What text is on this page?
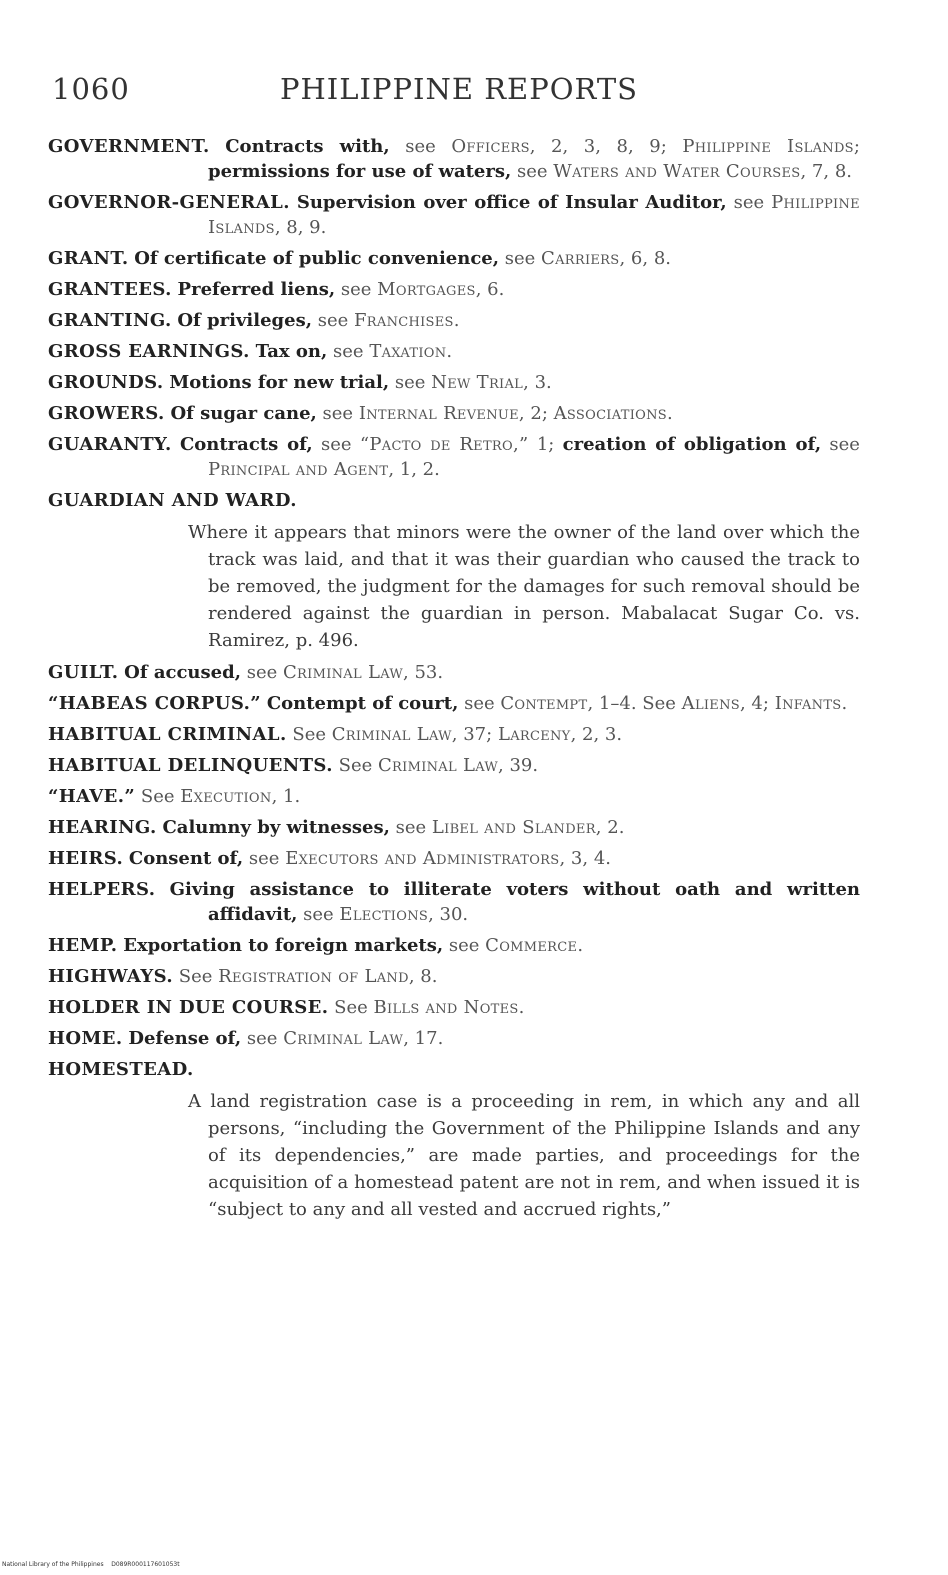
1060	PHILIPPINE REPORTS
GOVERNMENT. Contracts with, see Officers, 2, 3, 8, 9; Philippine Islands; permissions for use of waters, see Waters and Water Courses, 7, 8.
GOVERNOR-GENERAL. Supervision over office of Insular Auditor, see Philippine Islands, 8, 9.
GRANT. Of certificate of public convenience, see Carriers, 6, 8.
GRANTEES. Preferred liens, see Mortgages, 6.
GRANTING. Of privileges, see Franchises.
GROSS EARNINGS. Tax on, see Taxation.
GROUNDS. Motions for new trial, see New Trial, 3.
GROWERS. Of sugar cane, see Internal Revenue, 2; Associations.
GUARANTY. Contracts of, see “Pacto de Retro,” 1; creation of obligation of, see Principal and Agent, 1, 2.
GUARDIAN AND WARD.
Where it appears that minors were the owner of the land over which the track was laid, and that it was their guardian who caused the track to be removed, the judgment for the damages for such removal should be rendered against the guardian in person. Mabalacat Sugar Co. vs. Ramirez, p. 496.
GUILT. Of accused, see Criminal Law, 53.
“HABEAS CORPUS.” Contempt of court, see Contempt, 1–4. See Aliens, 4; Infants.
HABITUAL CRIMINAL. See Criminal Law, 37; Larceny, 2, 3.
HABITUAL DELINQUENTS. See Criminal Law, 39.
“HAVE.” See Execution, 1.
HEARING. Calumny by witnesses, see Libel and Slander, 2.
HEIRS. Consent of, see Executors and Administrators, 3, 4.
HELPERS. Giving assistance to illiterate voters without oath and written affidavit, see Elections, 30.
HEMP. Exportation to foreign markets, see Commerce.
HIGHWAYS. See Registration of Land, 8.
HOLDER IN DUE COURSE. See Bills and Notes.
HOME. Defense of, see Criminal Law, 17.
HOMESTEAD.
A land registration case is a proceeding in rem, in which any and all persons, “including the Government of the Philippine Islands and any of its dependencies,” are made parties, and proceedings for the acquisition of a homestead patent are not in rem, and when issued it is “subject to any and all vested and accrued rights,”
National Library of the Philippines    D089R000117601053t
